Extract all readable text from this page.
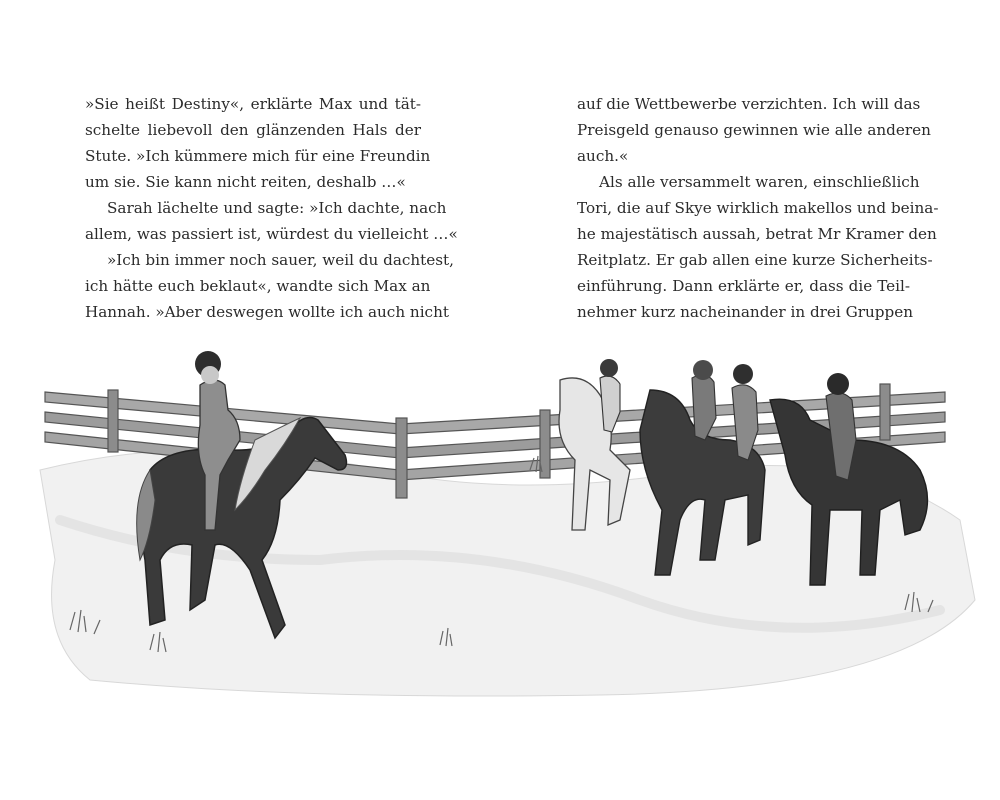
»Sie heißt Destiny«, erklärte Max und tät-
schelte liebevoll den glänzenden Hals der
Stute. »Ich kümmere mich für eine Freundin
um sie. Sie kann nicht reiten, deshalb …«
Sarah lächelte und sagte: »Ich dachte, nach
allem, was passiert ist, würdest du vielleicht …«
»Ich bin immer noch sauer, weil du dachtest,
ich hätte euch beklaut«, wandte sich Max an
Hannah. »Aber deswegen wollte ich auch nicht
auf die Wettbewerbe verzichten. Ich will das
Preisgeld genauso gewinnen wie alle anderen
auch.«
Als alle versammelt waren, einschließlich
Tori, die auf Skye wirklich makellos und beina-
he majestätisch aussah, betrat Mr Kramer den
Reitplatz. Er gab allen eine kurze Sicherheits-
einführung. Dann erklärte er, dass die Teil-
nehmer kurz nacheinander in drei Gruppen
